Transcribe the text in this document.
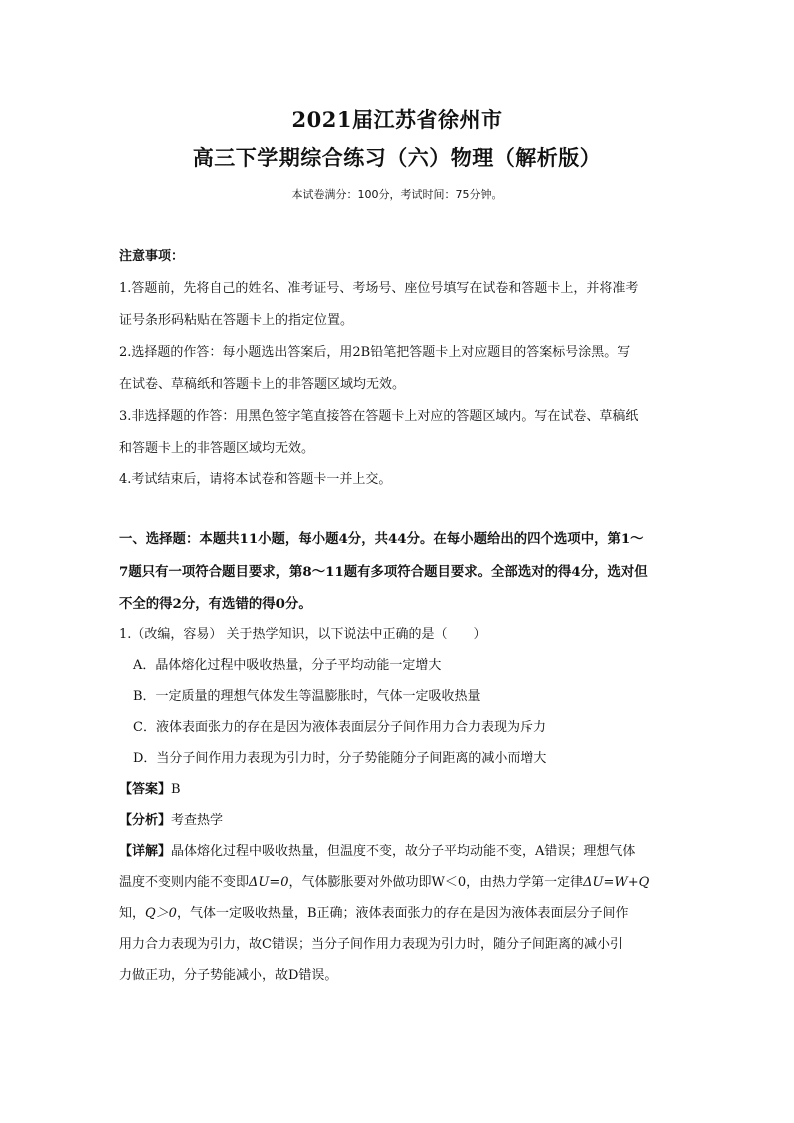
2021届江苏省徐州市
高三下学期综合练习（六）物理（解析版）
本试卷满分：100分，考试时间：75分钟。
注意事项：
1.答题前，先将自己的姓名、准考证号、考场号、座位号填写在试卷和答题卡上，并将准考
证号条形码粘贴在答题卡上的指定位置。
2.选择题的作答：每小题选出答案后，用2B铅笔把答题卡上对应题目的答案标号涂黑。写
在试卷、草稿纸和答题卡上的非答题区域均无效。
3.非选择题的作答：用黑色签字笔直接答在答题卡上对应的答题区域内。写在试卷、草稿纸
和答题卡上的非答题区域均无效。
4.考试结束后，请将本试卷和答题卡一并上交。
一、选择题：本题共11小题，每小题4分，共44分。在每小题给出的四个选项中，第1～
7题只有一项符合题目要求，第8～11题有多项符合题目要求。全部选对的得4分，选对但
不全的得2分，有选错的得0分。
1.（改编，容易） 关于热学知识，以下说法中正确的是（　　）
A．晶体熔化过程中吸收热量，分子平均动能一定增大
B．一定质量的理想气体发生等温膨胀时，气体一定吸收热量
C．液体表面张力的存在是因为液体表面层分子间作用力合力表现为斥力
D．当分子间作用力表现为引力时，分子势能随分子间距离的减小而增大
【答案】B
【分析】考查热学
【详解】晶体熔化过程中吸收热量，但温度不变，故分子平均动能不变，A错误；理想气体
温度不变则内能不变即ΔU=0，气体膨胀要对外做功即W＜0，由热力学第一定律ΔU=W+Q
知，Q＞0，气体一定吸收热量，B正确；液体表面张力的存在是因为液体表面层分子间作
用力合力表现为引力，故C错误；当分子间作用力表现为引力时，随分子间距离的减小引
力做正功，分子势能减小，故D错误。
